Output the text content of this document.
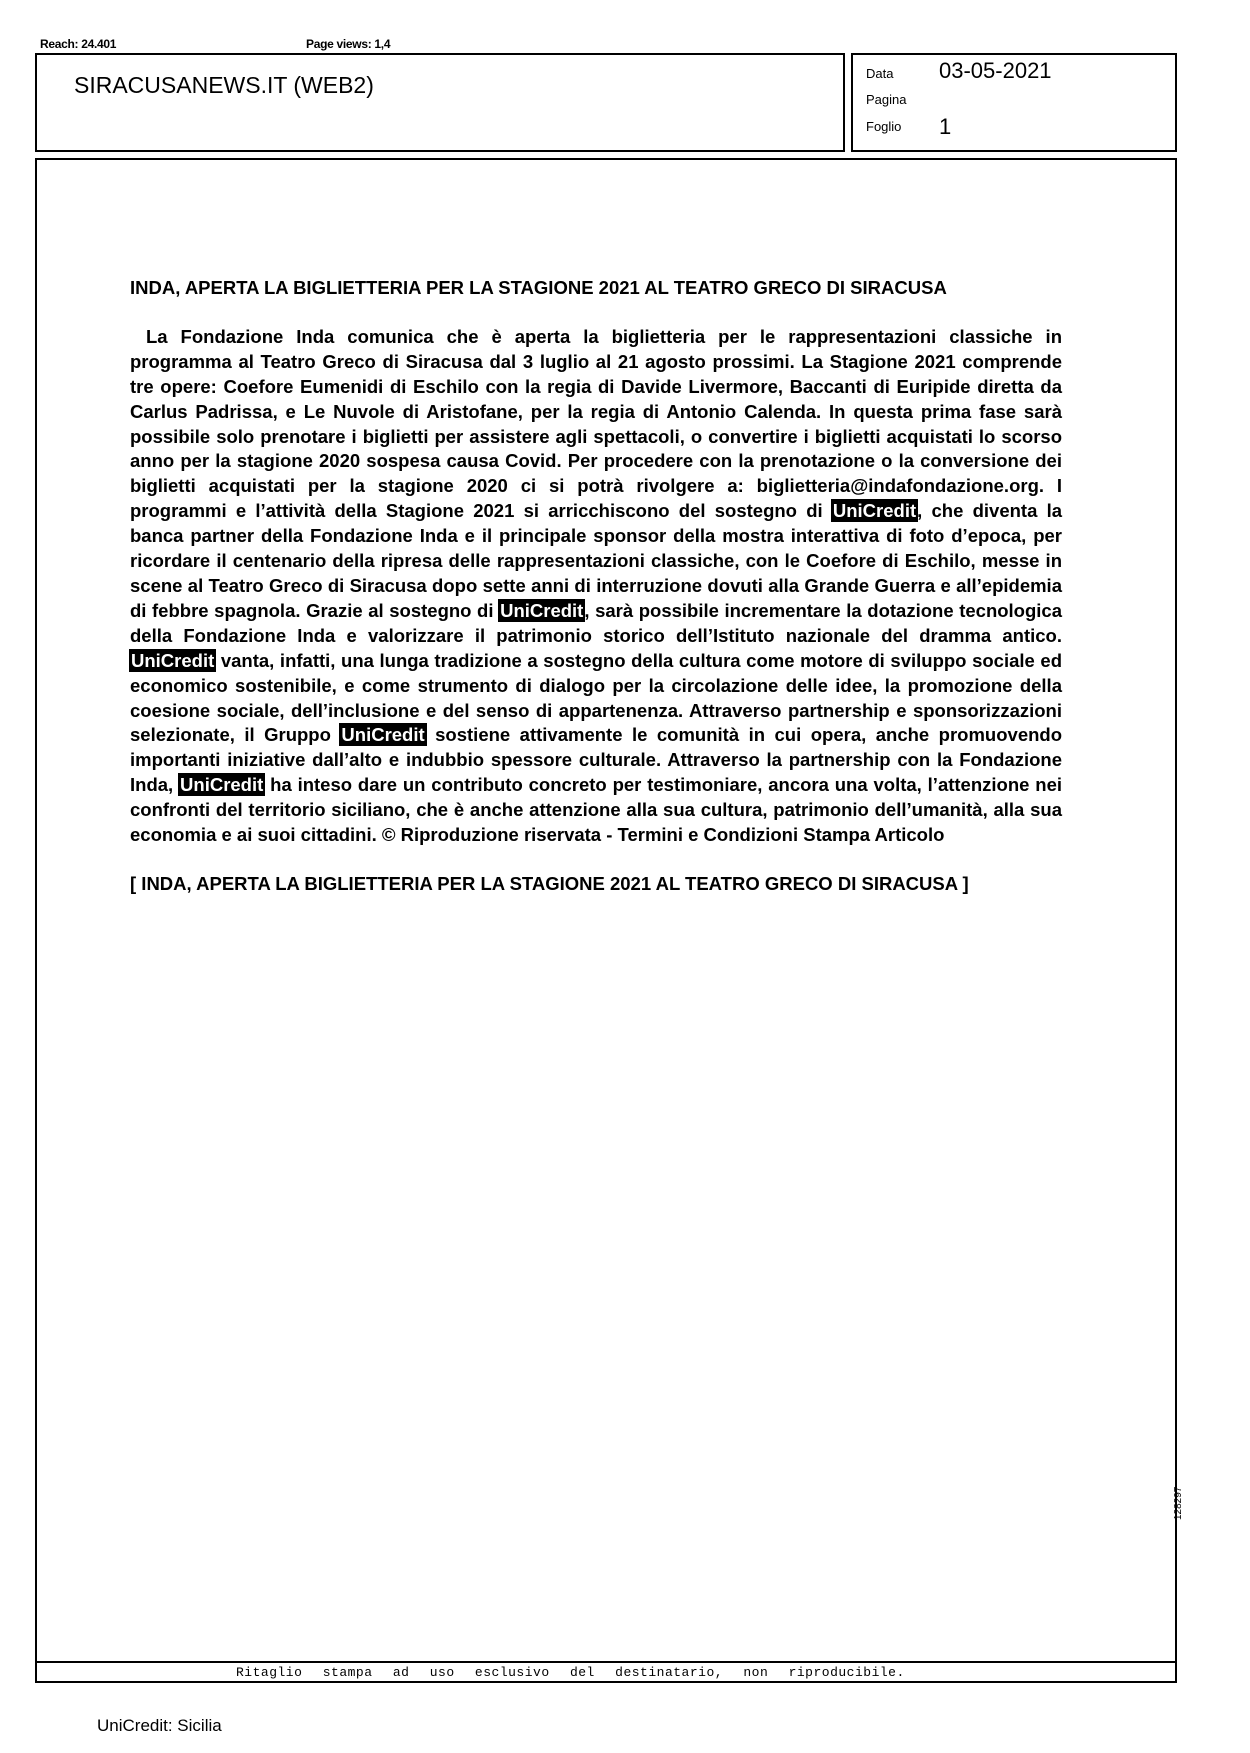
Reach: 24.401	Page views: 1,4
SIRACUSANEWS.IT (WEB2)	Data 03-05-2021
Pagina
Foglio 1
INDA, APERTA LA BIGLIETTERIA PER LA STAGIONE 2021 AL TEATRO GRECO DI SIRACUSA

La Fondazione Inda comunica che è aperta la biglietteria per le rappresentazioni classiche in programma al Teatro Greco di Siracusa dal 3 luglio al 21 agosto prossimi. La Stagione 2021 comprende tre opere: Coefore Eumenidi di Eschilo con la regia di Davide Livermore, Baccanti di Euripide diretta da Carlus Padrissa, e Le Nuvole di Aristofane, per la regia di Antonio Calenda. In questa prima fase sarà possibile solo prenotare i biglietti per assistere agli spettacoli, o convertire i biglietti acquistati lo scorso anno per la stagione 2020 sospesa causa Covid. Per procedere con la prenotazione o la conversione dei biglietti acquistati per la stagione 2020 ci si potrà rivolgere a: biglietteria@indafondazione.org. I programmi e l’attività della Stagione 2021 si arricchiscono del sostegno di UniCredit, che diventa la banca partner della Fondazione Inda e il principale sponsor della mostra interattiva di foto d’epoca, per ricordare il centenario della ripresa delle rappresentazioni classiche, con le Coefore di Eschilo, messe in scene al Teatro Greco di Siracusa dopo sette anni di interruzione dovuti alla Grande Guerra e all’epidemia di febbre spagnola. Grazie al sostegno di UniCredit, sarà possibile incrementare la dotazione tecnologica della Fondazione Inda e valorizzare il patrimonio storico dell’Istituto nazionale del dramma antico. UniCredit vanta, infatti, una lunga tradizione a sostegno della cultura come motore di sviluppo sociale ed economico sostenibile, e come strumento di dialogo per la circolazione delle idee, la promozione della coesione sociale, dell’inclusione e del senso di appartenenza. Attraverso partnership e sponsorizzazioni selezionate, il Gruppo UniCredit sostiene attivamente le comunità in cui opera, anche promuovendo importanti iniziative dall’alto e indubbio spessore culturale. Attraverso la partnership con la Fondazione Inda, UniCredit ha inteso dare un contributo concreto per testimoniare, ancora una volta, l’attenzione nei confronti del territorio siciliano, che è anche attenzione alla sua cultura, patrimonio dell’umanità, alla sua economia e ai suoi cittadini. © Riproduzione riservata - Termini e Condizioni Stampa Articolo

[ INDA, APERTA LA BIGLIETTERIA PER LA STAGIONE 2021 AL TEATRO GRECO DI SIRACUSA ]

Ritaglio stampa ad uso esclusivo del destinatario, non riproducibile.
128297
UniCredit: Sicilia
